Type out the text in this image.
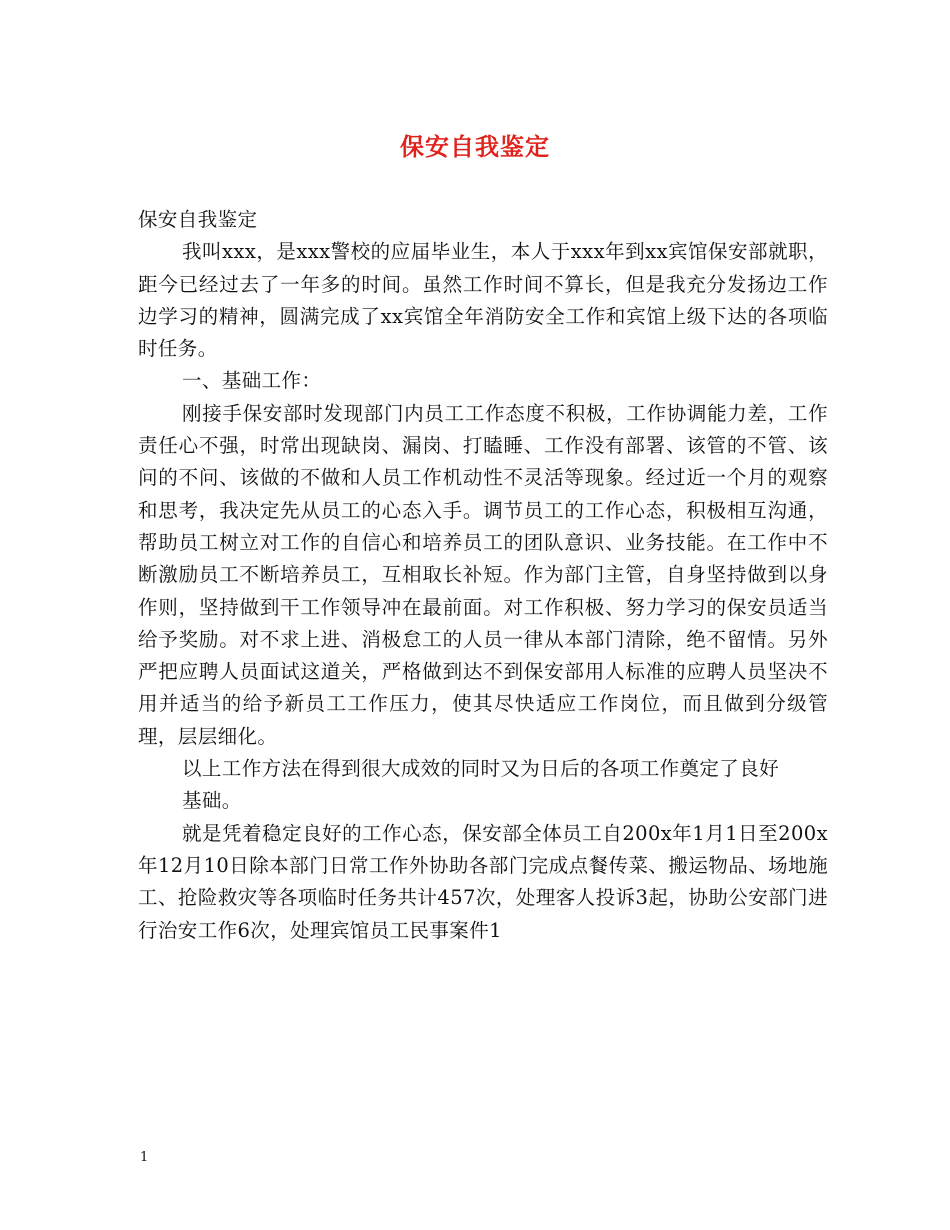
保安自我鉴定

保安自我鉴定

我叫xxx，是xxx警校的应届毕业生，本人于xxx年到xx宾馆保安部就职，距今已经过去了一年多的时间。虽然工作时间不算长，但是我充分发扬边工作边学习的精神，圆满完成了xx宾馆全年消防安全工作和宾馆上级下达的各项临时任务。

一、基础工作：

刚接手保安部时发现部门内员工工作态度不积极，工作协调能力差，工作责任心不强，时常出现缺岗、漏岗、打瞌睡、工作没有部署、该管的不管、该问的不问、该做的不做和人员工作机动性不灵活等现象。经过近一个月的观察和思考，我决定先从员工的心态入手。调节员工的工作心态，积极相互沟通，帮助员工树立对工作的自信心和培养员工的团队意识、业务技能。在工作中不断激励员工不断培养员工，互相取长补短。作为部门主管，自身坚持做到以身作则，坚持做到干工作领导冲在最前面。对工作积极、努力学习的保安员适当给予奖励。对不求上进、消极怠工的人员一律从本部门清除，绝不留情。另外严把应聘人员面试这道关，严格做到达不到保安部用人标准的应聘人员坚决不用并适当的给予新员工工作压力，使其尽快适应工作岗位，而且做到分级管理，层层细化。

以上工作方法在得到很大成效的同时又为日后的各项工作奠定了良好

基础。

就是凭着稳定良好的工作心态，保安部全体员工自200x年1月1日至200x年12月10日除本部门日常工作外协助各部门完成点餐传菜、搬运物品、场地施工、抢险救灾等各项临时任务共计457次，处理客人投诉3起，协助公安部门进行治安工作6次，处理宾馆员工民事案件1

1
